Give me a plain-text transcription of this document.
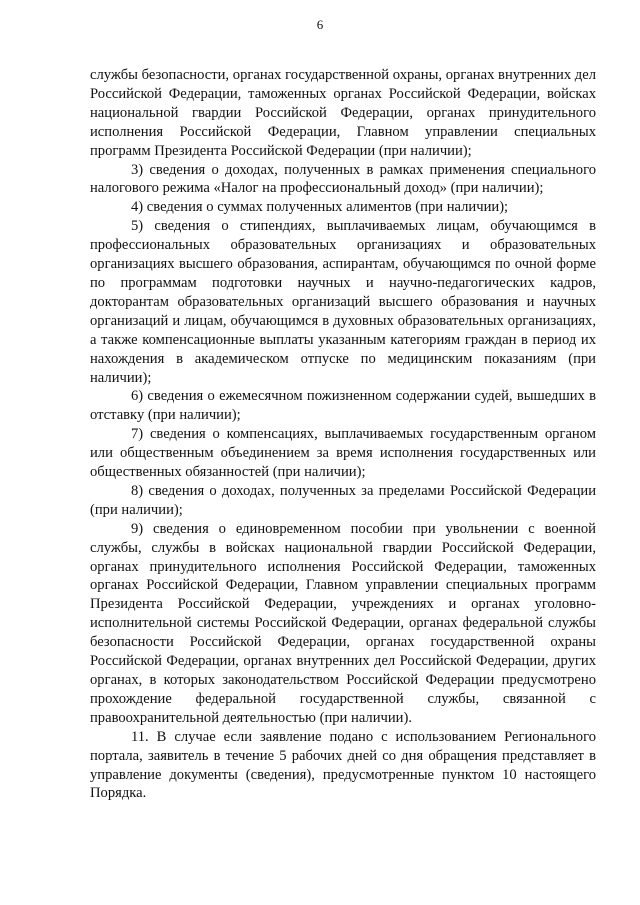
6

службы безопасности, органах государственной охраны, органах внутренних дел Российской Федерации, таможенных органах Российской Федерации, войсках национальной гвардии Российской Федерации, органах принудительного исполнения Российской Федерации, Главном управлении специальных программ Президента Российской Федерации (при наличии);

3) сведения о доходах, полученных в рамках применения специального налогового режима «Налог на профессиональный доход» (при наличии);

4) сведения о суммах полученных алиментов (при наличии);

5) сведения о стипендиях, выплачиваемых лицам, обучающимся в профессиональных образовательных организациях и образовательных организациях высшего образования, аспирантам, обучающимся по очной форме по программам подготовки научных и научно-педагогических кадров, докторантам образовательных организаций высшего образования и научных организаций и лицам, обучающимся в духовных образовательных организациях, а также компенсационные выплаты указанным категориям граждан в период их нахождения в академическом отпуске по медицинским показаниям (при наличии);

6) сведения о ежемесячном пожизненном содержании судей, вышедших в отставку (при наличии);

7) сведения о компенсациях, выплачиваемых государственным органом или общественным объединением за время исполнения государственных или общественных обязанностей (при наличии);

8) сведения о доходах, полученных за пределами Российской Федерации (при наличии);

9) сведения о единовременном пособии при увольнении с военной службы, службы в войсках национальной гвардии Российской Федерации, органах принудительного исполнения Российской Федерации, таможенных органах Российской Федерации, Главном управлении специальных программ Президента Российской Федерации, учреждениях и органах уголовно-исполнительной системы Российской Федерации, органах федеральной службы безопасности Российской Федерации, органах государственной охраны Российской Федерации, органах внутренних дел Российской Федерации, других органах, в которых законодательством Российской Федерации предусмотрено прохождение федеральной государственной службы, связанной с правоохранительной деятельностью (при наличии).

11. В случае если заявление подано с использованием Регионального портала, заявитель в течение 5 рабочих дней со дня обращения представляет в управление документы (сведения), предусмотренные пунктом 10 настоящего Порядка.
